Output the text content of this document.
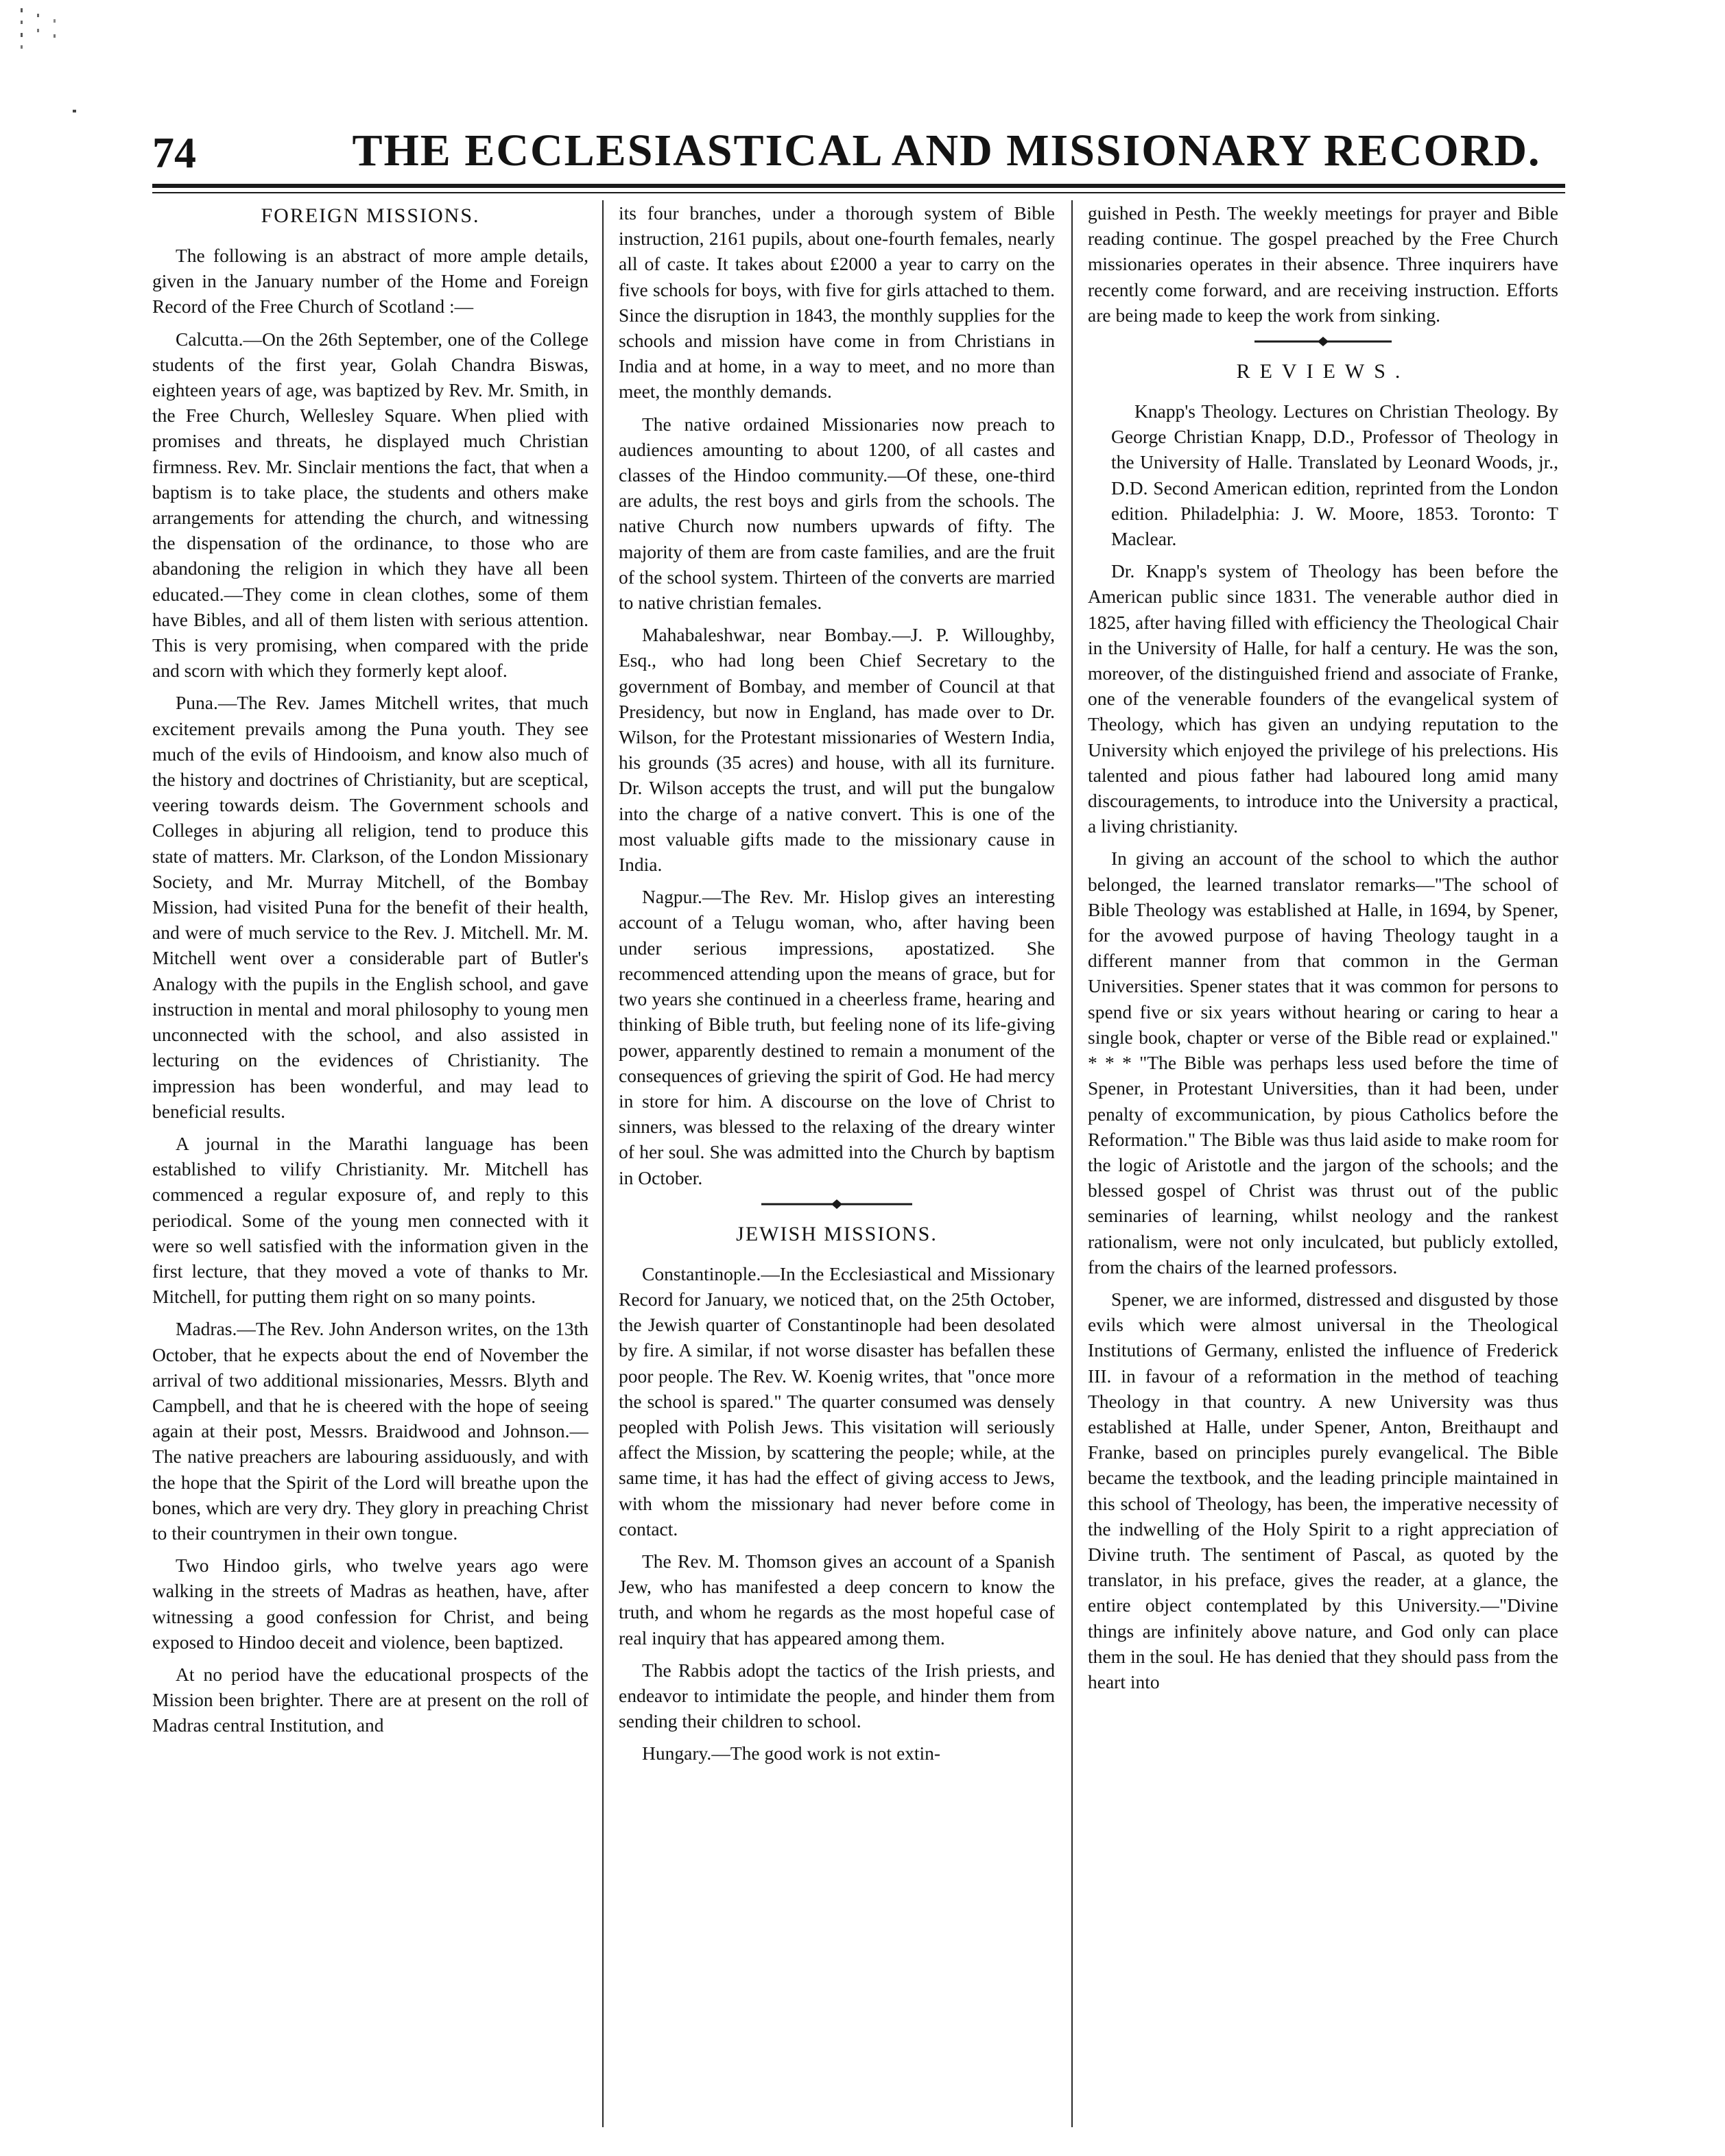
74	THE ECCLESIASTICAL AND MISSIONARY RECORD.
FOREIGN MISSIONS.

The following is an abstract of more ample details, given in the January number of the Home and Foreign Record of the Free Church of Scotland :—

Calcutta.—On the 26th September, one of the College students of the first year, Golah Chandra Biswas, eighteen years of age, was baptized by Rev. Mr. Smith, in the Free Church, Wellesley Square. When plied with promises and threats, he displayed much Christian firmness. Rev. Mr. Sinclair mentions the fact, that when a baptism is to take place, the students and others make arrangements for attending the church, and witnessing the dispensation of the ordinance, to those who are abandoning the religion in which they have all been educated.—They come in clean clothes, some of them have Bibles, and all of them listen with serious attention. This is very promising, when compared with the pride and scorn with which they formerly kept aloof.

Puna.—The Rev. James Mitchell writes, that much excitement prevails among the Puna youth. They see much of the evils of Hindooism, and know also much of the history and doctrines of Christianity, but are sceptical, veering towards deism. The Government schools and Colleges in abjuring all religion, tend to produce this state of matters. Mr. Clarkson, of the London Missionary Society, and Mr. Murray Mitchell, of the Bombay Mission, had visited Puna for the benefit of their health, and were of much service to the Rev. J. Mitchell. Mr. M. Mitchell went over a considerable part of Butler's Analogy with the pupils in the English school, and gave instruction in mental and moral philosophy to young men unconnected with the school, and also assisted in lecturing on the evidences of Christianity. The impression has been wonderful, and may lead to beneficial results.

A journal in the Marathi language has been established to vilify Christianity. Mr. Mitchell has commenced a regular exposure of, and reply to this periodical. Some of the young men connected with it were so well satisfied with the information given in the first lecture, that they moved a vote of thanks to Mr. Mitchell, for putting them right on so many points.

Madras.—The Rev. John Anderson writes, on the 13th October, that he expects about the end of November the arrival of two additional missionaries, Messrs. Blyth and Campbell, and that he is cheered with the hope of seeing again at their post, Messrs. Braidwood and Johnson.—The native preachers are labouring assiduously, and with the hope that the Spirit of the Lord will breathe upon the bones, which are very dry. They glory in preaching Christ to their countrymen in their own tongue.

Two Hindoo girls, who twelve years ago were walking in the streets of Madras as heathen, have, after witnessing a good confession for Christ, and being exposed to Hindoo deceit and violence, been baptized.

At no period have the educational prospects of the Mission been brighter. There are at present on the roll of Madras central Institution, and

its four branches, under a thorough system of Bible instruction, 2161 pupils, about one-fourth females, nearly all of caste. It takes about £2000 a year to carry on the five schools for boys, with five for girls attached to them. Since the disruption in 1843, the monthly supplies for the schools and mission have come in from Christians in India and at home, in a way to meet, and no more than meet, the monthly demands.

The native ordained Missionaries now preach to audiences amounting to about 1200, of all castes and classes of the Hindoo community.—Of these, one-third are adults, the rest boys and girls from the schools. The native Church now numbers upwards of fifty. The majority of them are from caste families, and are the fruit of the school system. Thirteen of the converts are married to native christian females.

Mahabaleshwar, near Bombay.—J. P. Willoughby, Esq., who had long been Chief Secretary to the government of Bombay, and member of Council at that Presidency, but now in England, has made over to Dr. Wilson, for the Protestant missionaries of Western India, his grounds (35 acres) and house, with all its furniture. Dr. Wilson accepts the trust, and will put the bungalow into the charge of a native convert. This is one of the most valuable gifts made to the missionary cause in India.

Nagpur.—The Rev. Mr. Hislop gives an interesting account of a Telugu woman, who, after having been under serious impressions, apostatized. She recommenced attending upon the means of grace, but for two years she continued in a cheerless frame, hearing and thinking of Bible truth, but feeling none of its life-giving power, apparently destined to remain a monument of the consequences of grieving the spirit of God. He had mercy in store for him. A discourse on the love of Christ to sinners, was blessed to the relaxing of the dreary winter of her soul. She was admitted into the Church by baptism in October.

JEWISH MISSIONS.

Constantinople.—In the Ecclesiastical and Missionary Record for January, we noticed that, on the 25th October, the Jewish quarter of Constantinople had been desolated by fire. A similar, if not worse disaster has befallen these poor people. The Rev. W. Koenig writes, that "once more the school is spared." The quarter consumed was densely peopled with Polish Jews. This visitation will seriously affect the Mission, by scattering the people; while, at the same time, it has had the effect of giving access to Jews, with whom the missionary had never before come in contact.

The Rev. M. Thomson gives an account of a Spanish Jew, who has manifested a deep concern to know the truth, and whom he regards as the most hopeful case of real inquiry that has appeared among them.

The Rabbis adopt the tactics of the Irish priests, and endeavor to intimidate the people, and hinder them from sending their children to school.

Hungary.—The good work is not extin-

guished in Pesth. The weekly meetings for prayer and Bible reading continue. The gospel preached by the Free Church missionaries operates in their absence. Three inquirers have recently come forward, and are receiving instruction. Efforts are being made to keep the work from sinking.

REVIEWS.

Knapp's Theology. Lectures on Christian Theology. By George Christian Knapp, D.D., Professor of Theology in the University of Halle. Translated by Leonard Woods, jr., D.D. Second American edition, reprinted from the London edition. Philadelphia: J. W. Moore, 1853. Toronto: T Maclear.

Dr. Knapp's system of Theology has been before the American public since 1831. The venerable author died in 1825, after having filled with efficiency the Theological Chair in the University of Halle, for half a century. He was the son, moreover, of the distinguished friend and associate of Franke, one of the venerable founders of the evangelical system of Theology, which has given an undying reputation to the University which enjoyed the privilege of his prelections. His talented and pious father had laboured long amid many discouragements, to introduce into the University a practical, a living christianity.

In giving an account of the school to which the author belonged, the learned translator remarks—"The school of Bible Theology was established at Halle, in 1694, by Spener, for the avowed purpose of having Theology taught in a different manner from that common in the German Universities. Spener states that it was common for persons to spend five or six years without hearing or caring to hear a single book, chapter or verse of the Bible read or explained." * * * "The Bible was perhaps less used before the time of Spener, in Protestant Universities, than it had been, under penalty of excommunication, by pious Catholics before the Reformation." The Bible was thus laid aside to make room for the logic of Aristotle and the jargon of the schools; and the blessed gospel of Christ was thrust out of the public seminaries of learning, whilst neology and the rankest rationalism, were not only inculcated, but publicly extolled, from the chairs of the learned professors.

Spener, we are informed, distressed and disgusted by those evils which were almost universal in the Theological Institutions of Germany, enlisted the influence of Frederick III. in favour of a reformation in the method of teaching Theology in that country. A new University was thus established at Halle, under Spener, Anton, Breithaupt and Franke, based on principles purely evangelical. The Bible became the textbook, and the leading principle maintained in this school of Theology, has been, the imperative necessity of the indwelling of the Holy Spirit to a right appreciation of Divine truth. The sentiment of Pascal, as quoted by the translator, in his preface, gives the reader, at a glance, the entire object contemplated by this University.—"Divine things are infinitely above nature, and God only can place them in the soul. He has denied that they should pass from the heart into
